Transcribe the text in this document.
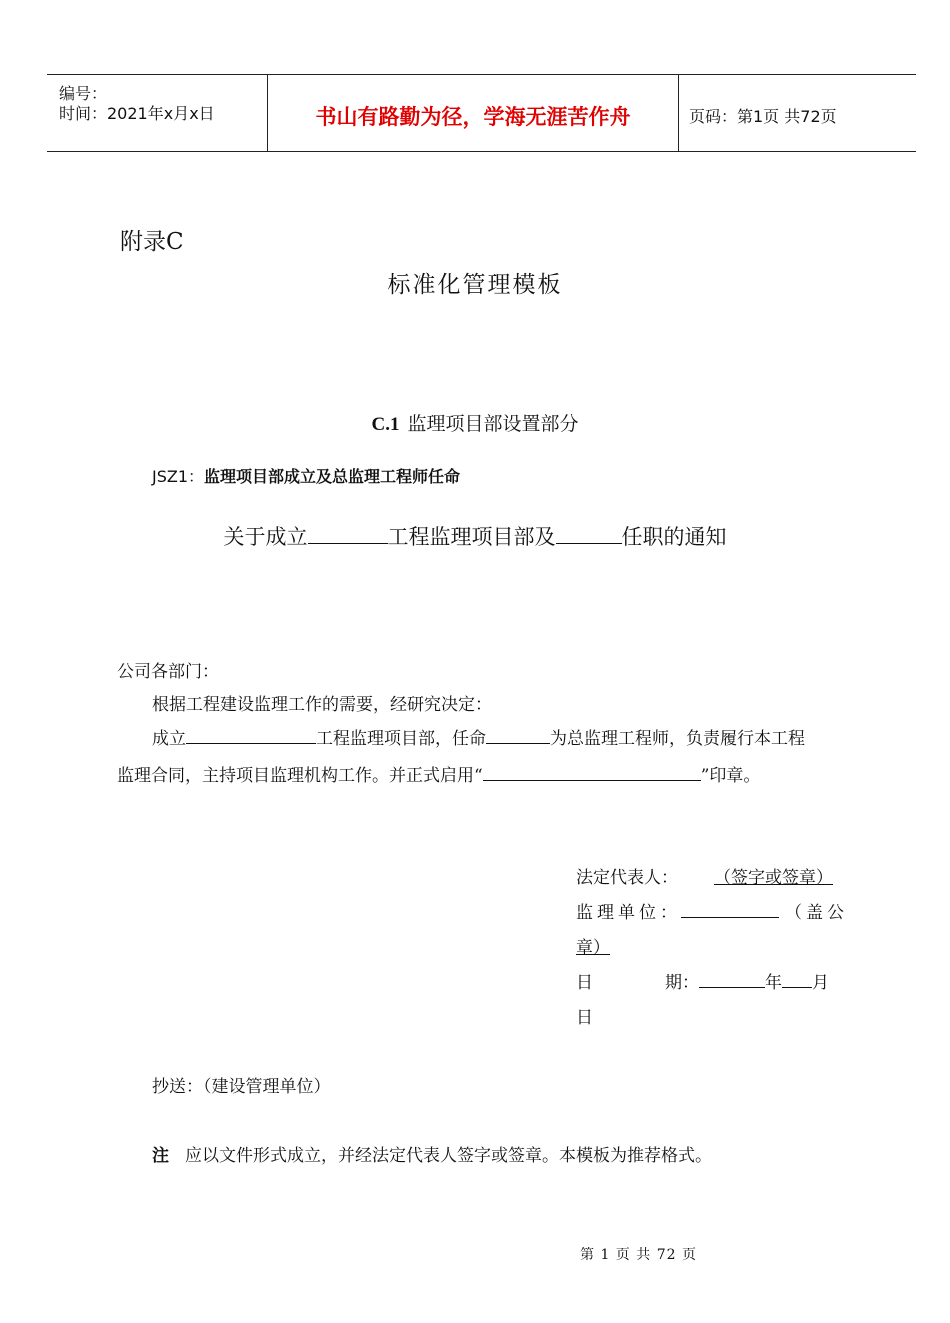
编号：
时间：2021年x月x日	书山有路勤为径，学海无涯苦作舟	页码：第1页 共72页
附录C
标准化管理模板
C.1 监理项目部设置部分
JSZ1：监理项目部成立及总监理工程师任命
关于成立	工程监理项目部及	任职的通知
公司各部门：
根据工程建设监理工作的需要，经研究决定：
成立	工程监理项目部，任命	为总监理工程师，负责履行本工程
监理合同，主持项目监理机构工作。并正式启用“	”印章。
法定代表人： （签字或签章）
监理单位：	（盖公
章）
日	期：	年 月
日
抄送：（建设管理单位）
注 应以文件形式成立，并经法定代表人签字或签章。本模板为推荐格式。
第 1 页 共 72 页
